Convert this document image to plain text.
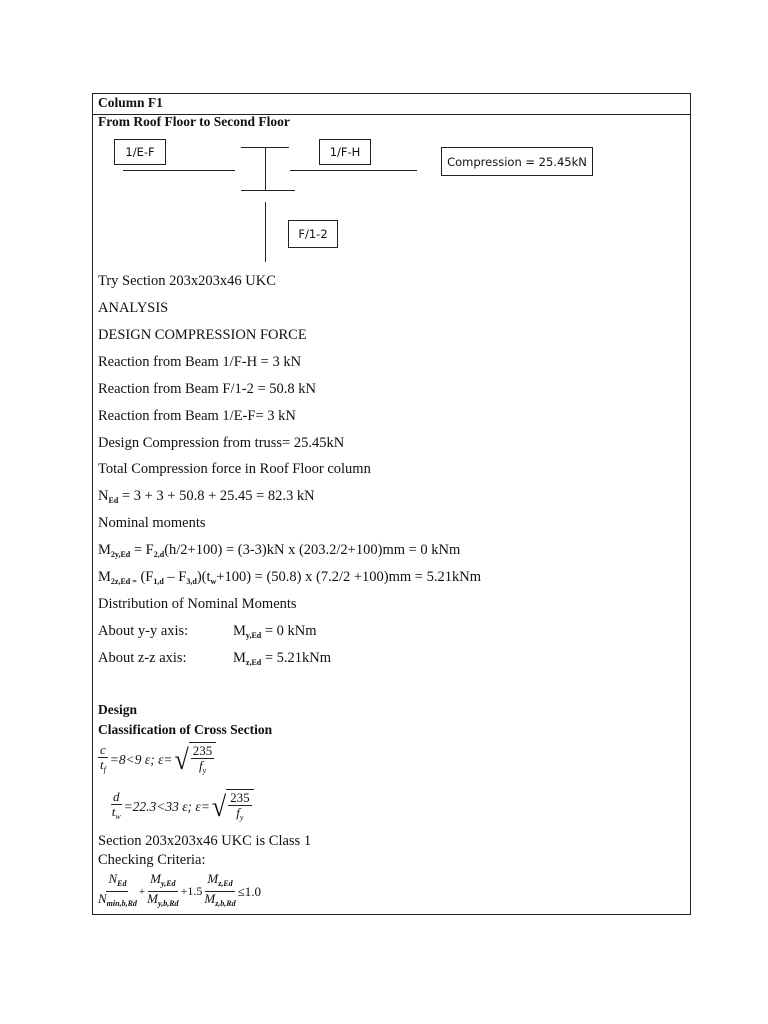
Column F1
From Roof Floor to Second Floor
1/E-F	1/F-H
F/1-2
Compression = 25.45kN
Try Section 203x203x46 UKC
ANALYSIS
DESIGN COMPRESSION FORCE
Reaction from Beam 1/F-H = 3 kN
Reaction from Beam F/1-2 = 50.8 kN
Reaction from Beam 1/E-F= 3 kN
Design Compression from truss= 25.45kN
Total Compression force in Roof Floor column
$N_{Ed} = 3 + 3 + 50.8 + 25.45 = 82.3$ kN
Nominal moments
$M_{2y,Ed} = F_{2,d}(h/2+100) = (3-3)kN$ x (203.2/2+100)mm = 0 kNm
$M_{2z,Ed =}$ $(F_{1,d} - F_{3,d})(t_w+100) = (50.8)$ x (7.2/2 +100)mm = 5.21kNm
Distribution of Nominal Moments
About y-y axis:	$M_{y,Ed} = 0$ kNm
About z-z axis:	$M_{z,Ed} = 5.21kNm$
Design
Classification of Cross Section
$\frac{c}{t_f} =8<9$ ε; ε= √ $\frac{235}{f_y}$
$\frac{d}{t_w} =22.3<33$ ε; ε= √ $\frac{235}{f_y}$
Section 203x203x46 UKC is Class 1
Checking Criteria:
$\frac{N_{Ed}}{N_{min,b,Rd}} + \frac{M_{y,Ed}}{M_{y,b,Rd}} +1.5 \frac{M_{z,Ed}}{M_{z,b,Rd}} \le 1.0$
